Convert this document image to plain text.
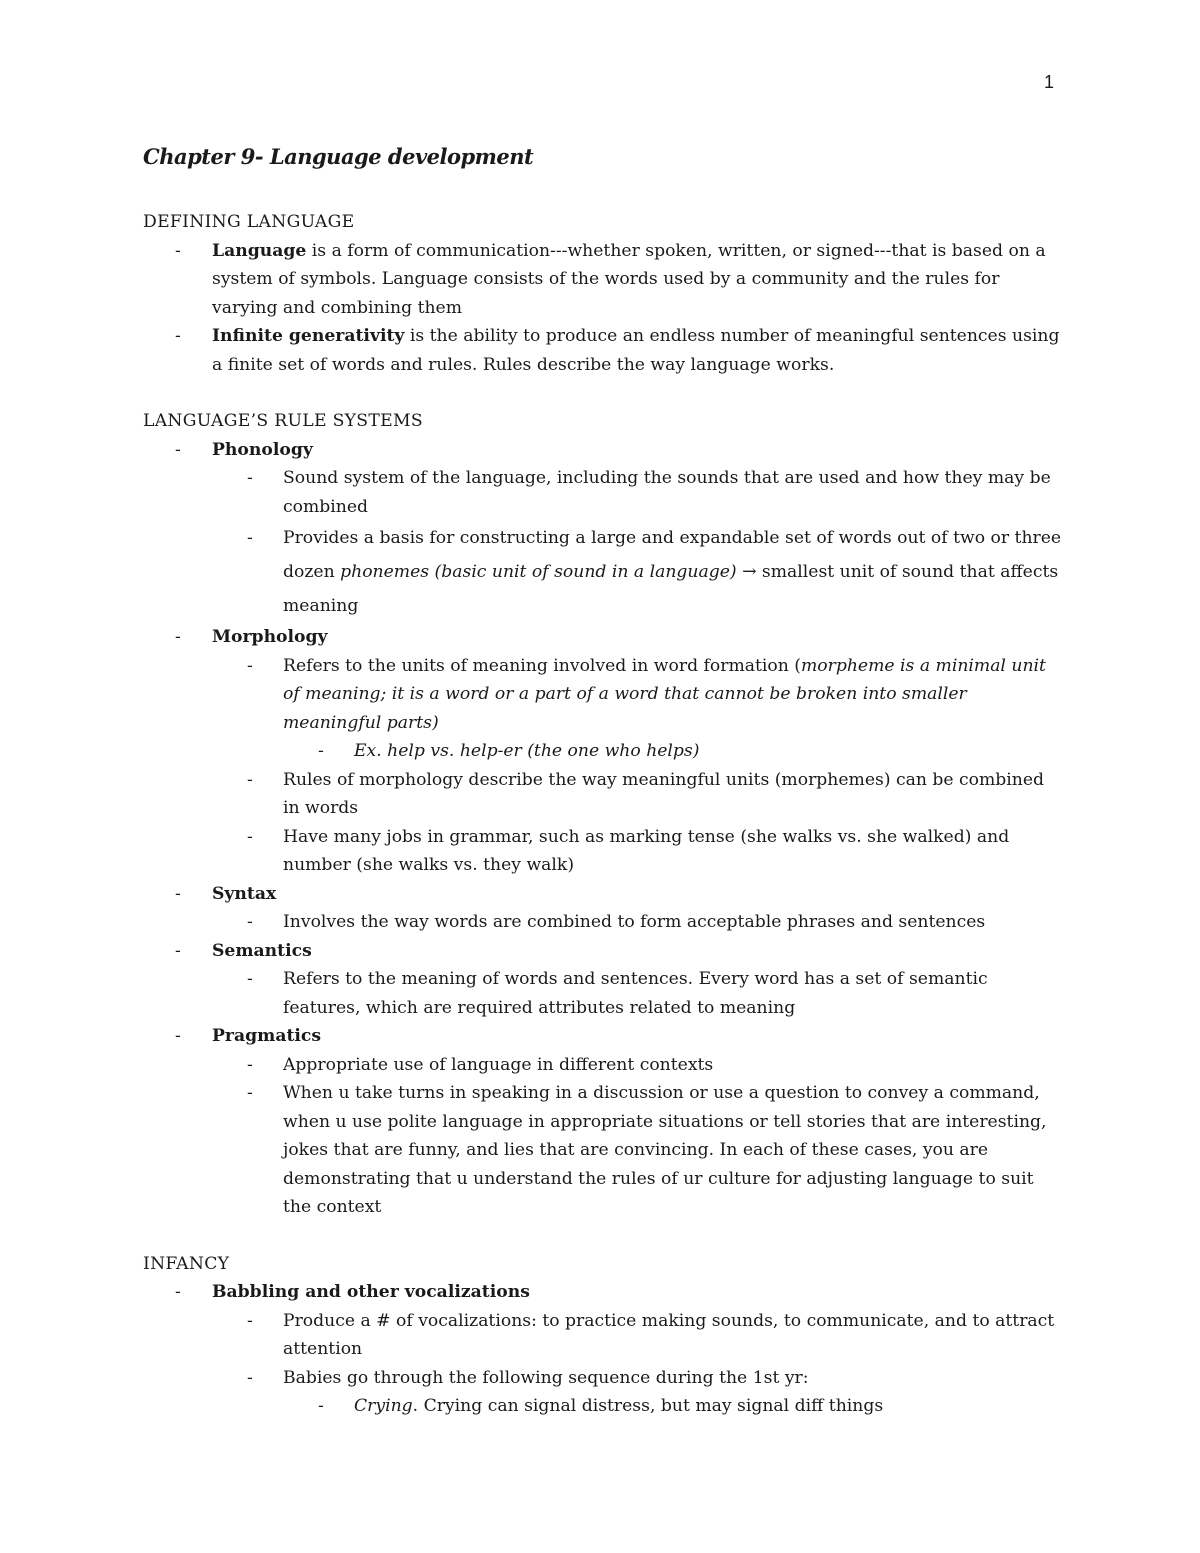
1
Chapter 9- Language development
DEFINING LANGUAGE
- Language is a form of communication---whether spoken, written, or signed---that is based on a system of symbols. Language consists of the words used by a community and the rules for varying and combining them
- Infinite generativity is the ability to produce an endless number of meaningful sentences using a finite set of words and rules. Rules describe the way language works.
LANGUAGE’S RULE SYSTEMS
- Phonology
- Sound system of the language, including the sounds that are used and how they may be combined
- Provides a basis for constructing a large and expandable set of words out of two or three dozen phonemes (basic unit of sound in a language) → smallest unit of sound that affects meaning
- Morphology
- Refers to the units of meaning involved in word formation (morpheme is a minimal unit of meaning; it is a word or a part of a word that cannot be broken into smaller meaningful parts)
- Ex. help vs. help-er (the one who helps)
- Rules of morphology describe the way meaningful units (morphemes) can be combined in words
- Have many jobs in grammar, such as marking tense (she walks vs. she walked) and number (she walks vs. they walk)
- Syntax
- Involves the way words are combined to form acceptable phrases and sentences
- Semantics
- Refers to the meaning of words and sentences. Every word has a set of semantic features, which are required attributes related to meaning
- Pragmatics
- Appropriate use of language in different contexts
- When u take turns in speaking in a discussion or use a question to convey a command, when u use polite language in appropriate situations or tell stories that are interesting, jokes that are funny, and lies that are convincing. In each of these cases, you are demonstrating that u understand the rules of ur culture for adjusting language to suit the context
INFANCY
- Babbling and other vocalizations
- Produce a # of vocalizations: to practice making sounds, to communicate, and to attract attention
- Babies go through the following sequence during the 1st yr:
- Crying. Crying can signal distress, but may signal diff things
